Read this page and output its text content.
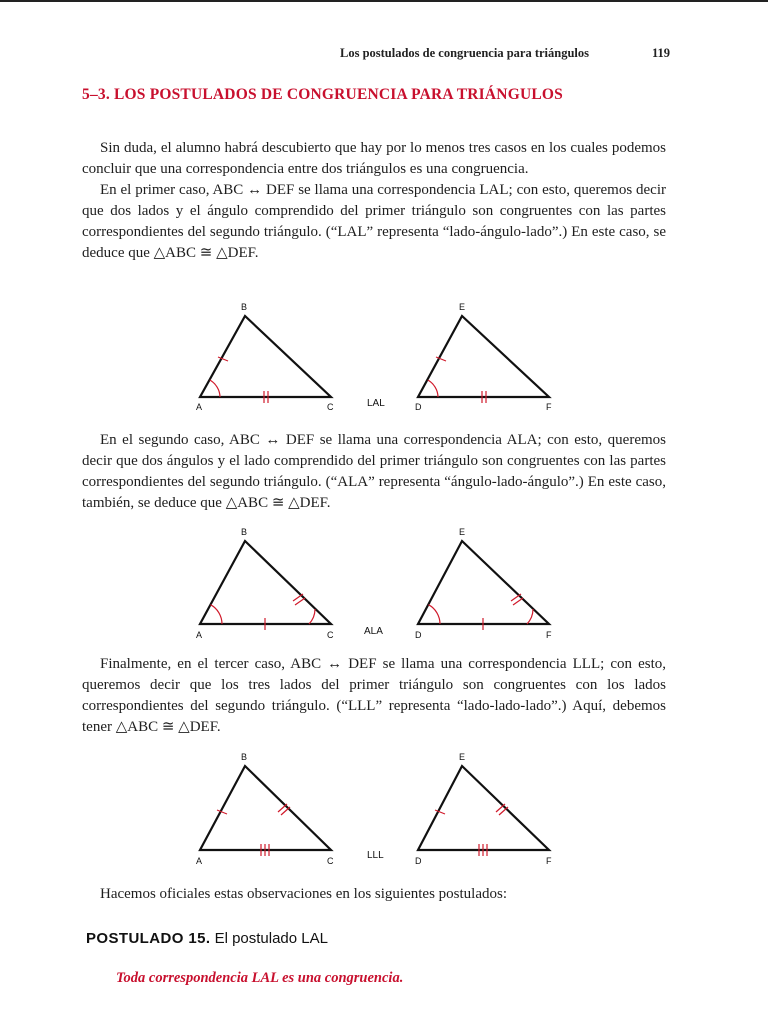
Los postulados de congruencia para triángulos	119
5–3. LOS POSTULADOS DE CONGRUENCIA PARA TRIÁNGULOS

Sin duda, el alumno habrá descubierto que hay por lo menos tres casos en los cuales podemos concluir que una correspondencia entre dos triángulos es una congruencia.

En el primer caso, ABC ↔ DEF se llama una correspondencia LAL; con esto, queremos decir que dos lados y el ángulo comprendido del primer triángulo son congruentes con las partes correspondientes del segundo triángulo. (“LAL” representa “lado-ángulo-lado”.) En este caso, se deduce que △ABC ≅ △DEF.

B
A	C	LAL
E
D	F

En el segundo caso, ABC ↔ DEF se llama una correspondencia ALA; con esto, queremos decir que dos ángulos y el lado comprendido del primer triángulo son congruentes con las partes correspondientes del segundo triángulo. (“ALA” representa “ángulo-lado-ángulo”.) En este caso, también, se deduce que △ABC ≅ △DEF.

B
A	C	ALA
E
D	F

Finalmente, en el tercer caso, ABC ↔ DEF se llama una correspondencia LLL; con esto, queremos decir que los tres lados del primer triángulo son congruentes con los lados correspondientes del segundo triángulo. (“LLL” representa “lado-lado-lado”.) Aquí, debemos tener △ABC ≅ △DEF.

B
A	C	LLL
E
D	F

Hacemos oficiales estas observaciones en los siguientes postulados:

POSTULADO 15. El postulado LAL
Toda correspondencia LAL es una congruencia.
